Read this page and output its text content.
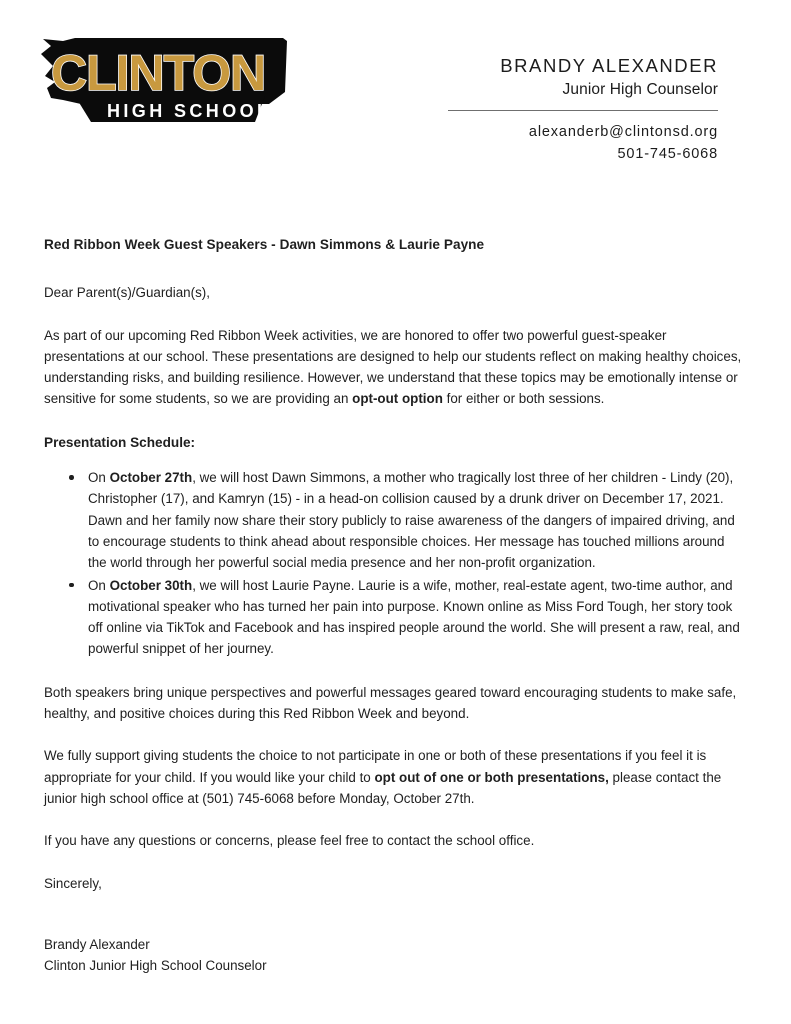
CLINTON
HIGH SCHOOL
BRANDY ALEXANDER
Junior High Counselor
alexanderb@clintonsd.org
501-745-6068
Red Ribbon Week Guest Speakers - Dawn Simmons & Laurie Payne
Dear Parent(s)/Guardian(s),

As part of our upcoming Red Ribbon Week activities, we are honored to offer two powerful guest-speaker presentations at our school. These presentations are designed to help our students reflect on making healthy choices, understanding risks, and building resilience. However, we understand that these topics may be emotionally intense or sensitive for some students, so we are providing an opt-out option for either or both sessions.

Presentation Schedule:
On October 27th, we will host Dawn Simmons, a mother who tragically lost three of her children - Lindy (20), Christopher (17), and Kamryn (15) - in a head-on collision caused by a drunk driver on December 17, 2021. Dawn and her family now share their story publicly to raise awareness of the dangers of impaired driving, and to encourage students to think ahead about responsible choices. Her message has touched millions around the world through her powerful social media presence and her non-profit organization.
On October 30th, we will host Laurie Payne. Laurie is a wife, mother, real-estate agent, two-time author, and motivational speaker who has turned her pain into purpose. Known online as Miss Ford Tough, her story took off online via TikTok and Facebook and has inspired people around the world. She will present a raw, real, and powerful snippet of her journey.

Both speakers bring unique perspectives and powerful messages geared toward encouraging students to make safe, healthy, and positive choices during this Red Ribbon Week and beyond.

We fully support giving students the choice to not participate in one or both of these presentations if you feel it is appropriate for your child. If you would like your child to opt out of one or both presentations, please contact the junior high school office at (501) 745-6068 before Monday, October 27th.

If you have any questions or concerns, please feel free to contact the school office.

Sincerely,

Brandy Alexander
Clinton Junior High School Counselor
